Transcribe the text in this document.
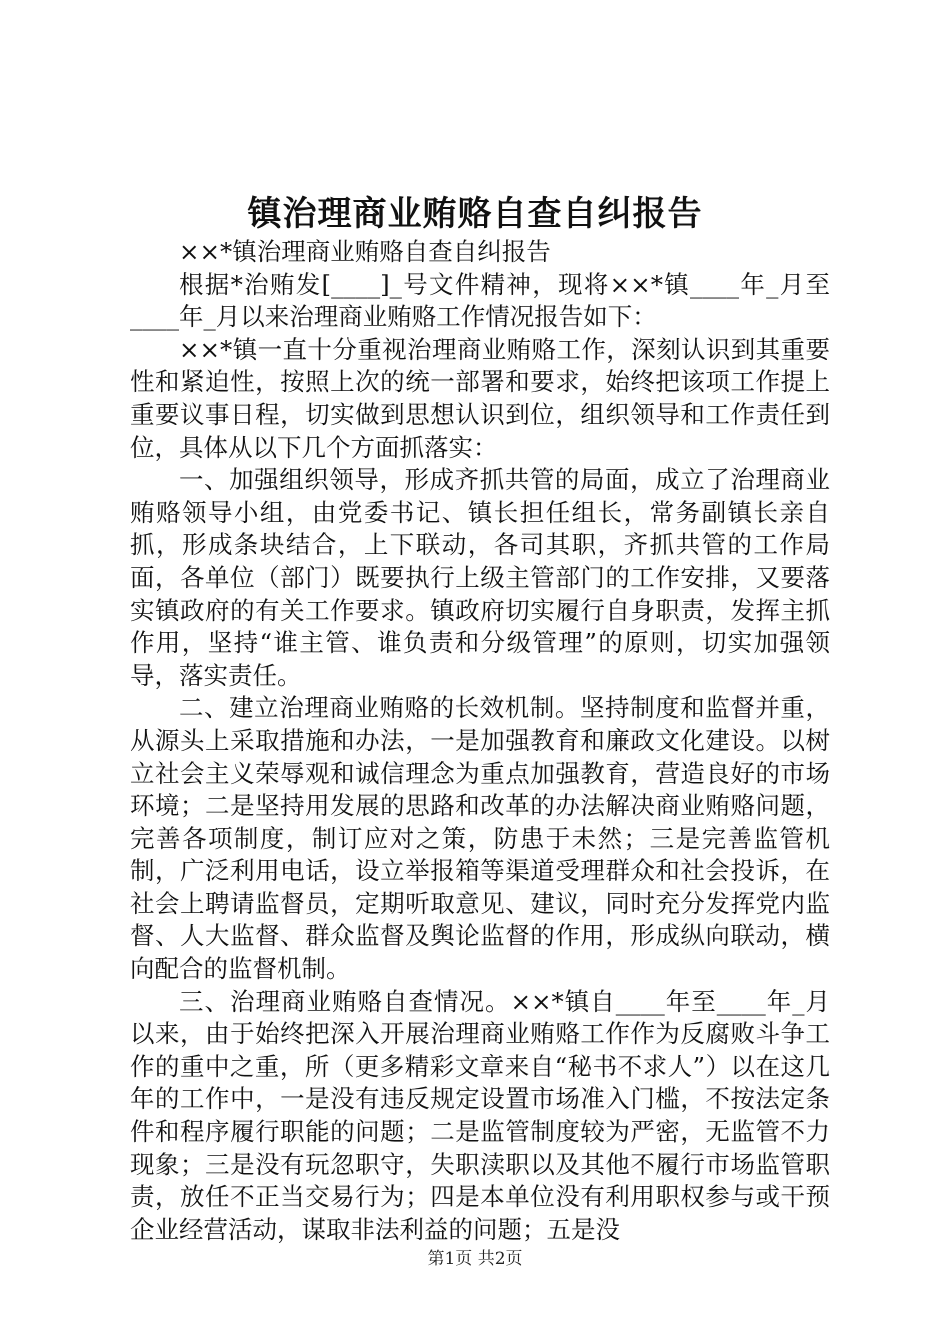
镇治理商业贿赂自查自纠报告

××*镇治理商业贿赂自查自纠报告

根据*治贿发[____]_号文件精神，现将××*镇____年_月至____年_月以来治理商业贿赂工作情况报告如下：

××*镇一直十分重视治理商业贿赂工作，深刻认识到其重要性和紧迫性，按照上次的统一部署和要求，始终把该项工作提上重要议事日程，切实做到思想认识到位，组织领导和工作责任到位，具体从以下几个方面抓落实：

一、加强组织领导，形成齐抓共管的局面，成立了治理商业贿赂领导小组，由党委书记、镇长担任组长，常务副镇长亲自抓，形成条块结合，上下联动，各司其职，齐抓共管的工作局面，各单位（部门）既要执行上级主管部门的工作安排，又要落实镇政府的有关工作要求。镇政府切实履行自身职责，发挥主抓作用，坚持“谁主管、谁负责和分级管理”的原则，切实加强领导，落实责任。

二、建立治理商业贿赂的长效机制。坚持制度和监督并重，从源头上采取措施和办法，一是加强教育和廉政文化建设。以树立社会主义荣辱观和诚信理念为重点加强教育，营造良好的市场环境；二是坚持用发展的思路和改革的办法解决商业贿赂问题，完善各项制度，制订应对之策，防患于未然；三是完善监管机制，广泛利用电话，设立举报箱等渠道受理群众和社会投诉，在社会上聘请监督员，定期听取意见、建议，同时充分发挥党内监督、人大监督、群众监督及舆论监督的作用，形成纵向联动，横向配合的监督机制。

三、治理商业贿赂自查情况。××*镇自____年至____年_月以来，由于始终把深入开展治理商业贿赂工作作为反腐败斗争工作的重中之重，所（更多精彩文章来自“秘书不求人”）以在这几年的工作中，一是没有违反规定设置市场准入门槛，不按法定条件和程序履行职能的问题；二是监管制度较为严密，无监管不力现象；三是没有玩忽职守，失职渎职以及其他不履行市场监管职责，放任不正当交易行为；四是本单位没有利用职权参与或干预企业经营活动，谋取非法利益的问题；五是没

第1页 共2页
